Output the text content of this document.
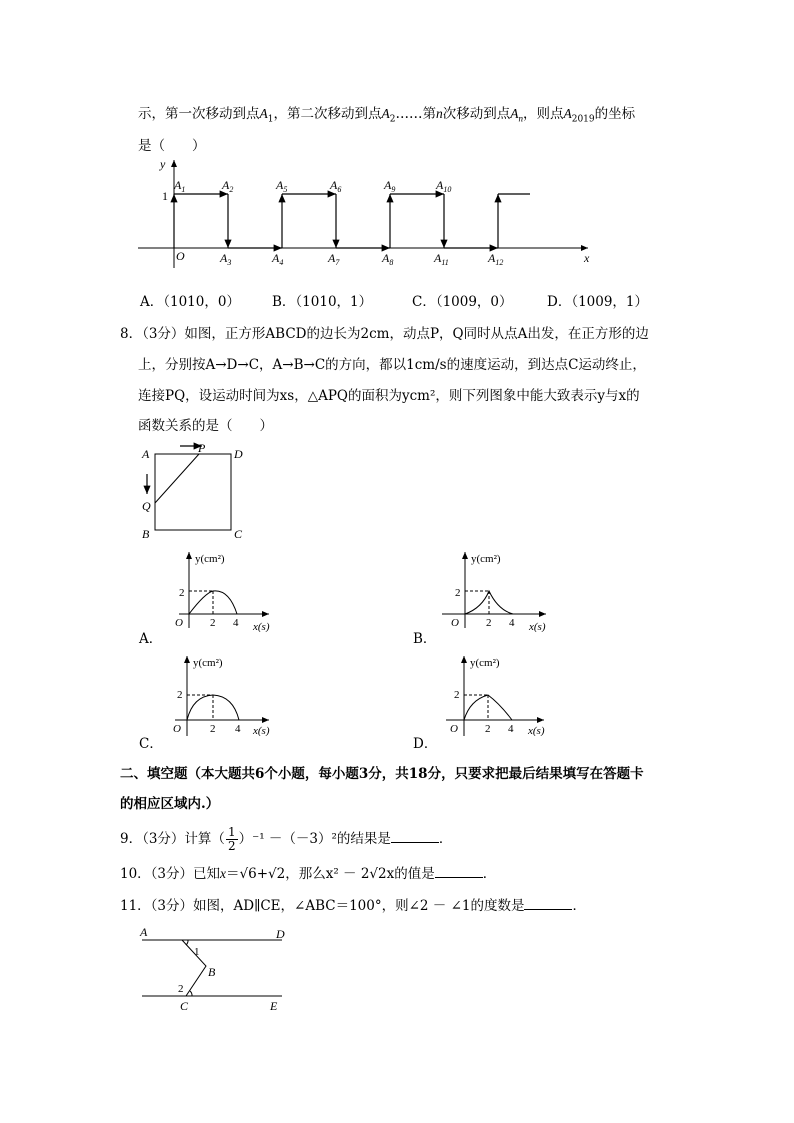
示，第一次移动到点$A_1$，第二次移动到点$A_2\dots\dots$第n次移动到点$A_n$，则点$A_{2019}$的坐标
是（　　）
y
x
O
1
$A_1$	$A_2$	$A_5$	$A_6$	$A_9$	$A_{10}$
$A_3$	$A_4$	$A_7$	$A_8$	$A_{11}$	$A_{12}$
A．（1010，0） B．（1010，1）	C．（1009，0）	D．（1009，1）
8．（3分）如图，正方形ABCD的边长为2cm，动点P，Q同时从点A出发，在正方形的边
上，分别按A→D→C，A→B→C的方向，都以1cm/s的速度运动，到达点C运动终止，
连接PQ，设运动时间为xs，△APQ的面积为ycm²，则下列图象中能大致表示y与x的
函数关系的是（　　）
A	D
P
Q
B	C
y(cm²)
2
O 2 4 x(s)
A．
y(cm²)
2
O 2 4 x(s)
B．
y(cm²)
2
O	2 4 x(s)
C．
y(cm²)
2
O 2 4 x(s)
D．
二、填空题（本大题共6个小题，每小题3分，共18分，只要求把最后结果填写在答题卡
的相应区域内.）
9．（3分）计算（ $\frac{1}{2} )^{-1} -(-3)^2$的结果是	．
10．（3分）已知x＝√6+√2，那么x² － 2√2x的值是	．
11．（3分）如图，AD∥CE，∠ABC＝100°，则∠2 － ∠1的度数是	．
A	D
B
C	E
1
2
